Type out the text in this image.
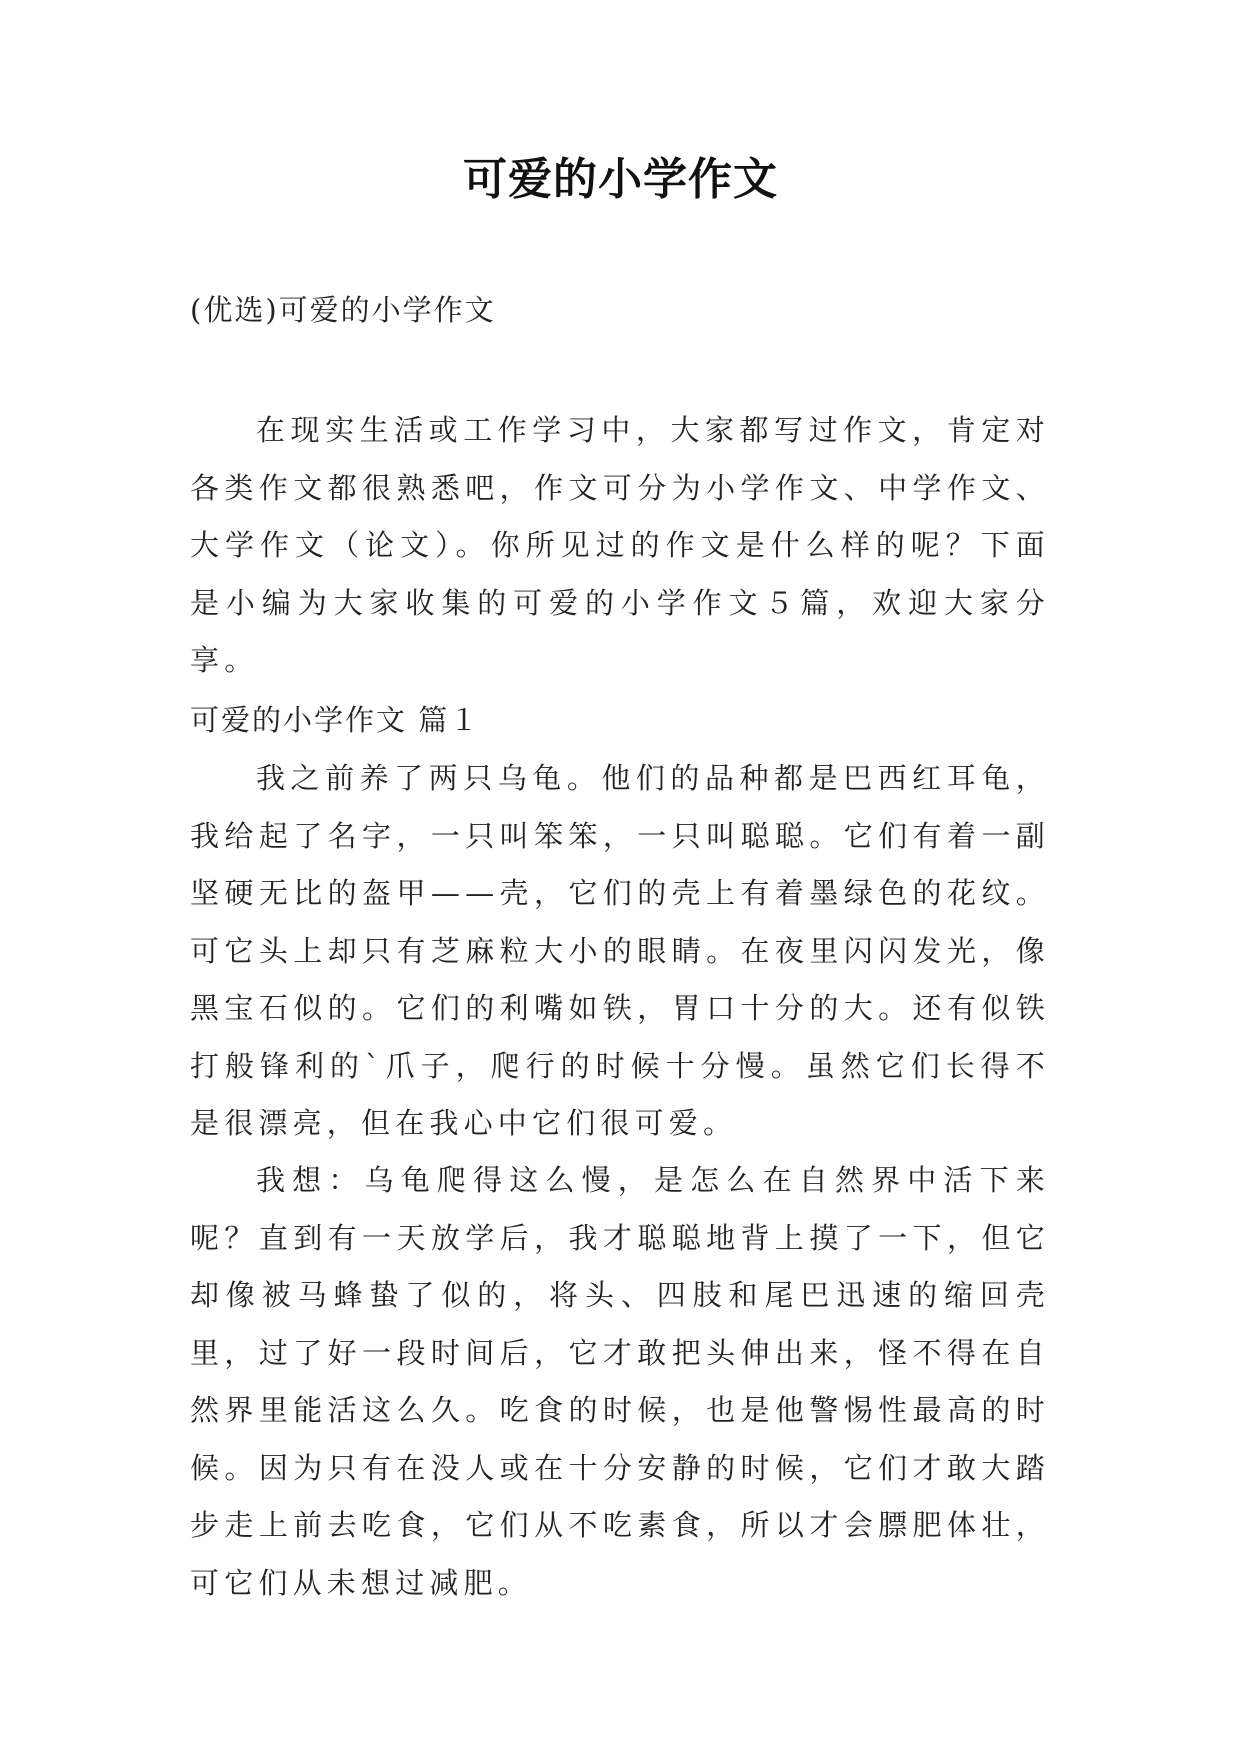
可爱的小学作文
(优选)可爱的小学作文

在现实生活或工作学习中，大家都写过作文，肯定对各类作文都很熟悉吧，作文可分为小学作文、中学作文、大学作文（论文）。你所见过的作文是什么样的呢？下面是小编为大家收集的可爱的小学作文５篇，欢迎大家分享。

可爱的小学作文 篇１

我之前养了两只乌龟。他们的品种都是巴西红耳龟，我给起了名字，一只叫笨笨，一只叫聪聪。它们有着一副坚硬无比的盔甲——壳，它们的壳上有着墨绿色的花纹。可它头上却只有芝麻粒大小的眼睛。在夜里闪闪发光，像黑宝石似的。它们的利嘴如铁，胃口十分的大。还有似铁打般锋利的`爪子，爬行的时候十分慢。虽然它们长得不是很漂亮，但在我心中它们很可爱。

我想：乌龟爬得这么慢，是怎么在自然界中活下来呢？直到有一天放学后，我才聪聪地背上摸了一下，但它却像被马蜂蛰了似的，将头、四肢和尾巴迅速的缩回壳里，过了好一段时间后，它才敢把头伸出来，怪不得在自然界里能活这么久。吃食的时候，也是他警惕性最高的时候。因为只有在没人或在十分安静的时候，它们才敢大踏步走上前去吃食，它们从不吃素食，所以才会膘肥体壮，可它们从未想过减肥。
